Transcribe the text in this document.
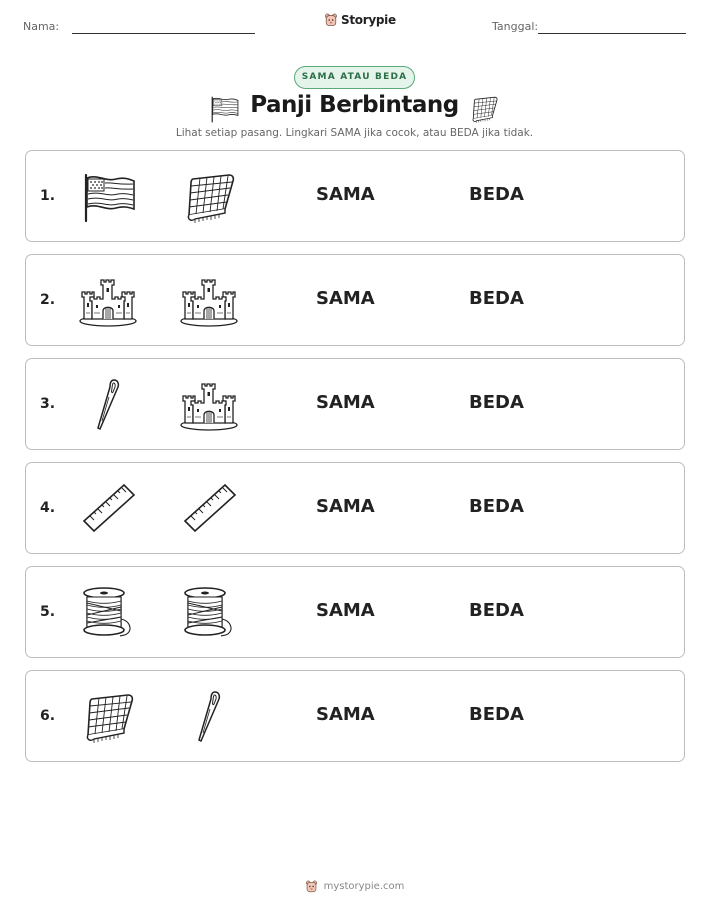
Nama:	Storypie	Tanggal:
SAMA ATAU BEDA
Panji Berbintang
Lihat setiap pasang. Lingkari SAMA jika cocok, atau BEDA jika tidak.
1.	SAMA	BEDA
2.	SAMA	BEDA
3.	SAMA	BEDA
4.	SAMA	BEDA
5.	SAMA	BEDA
6.	SAMA	BEDA
mystorypie.com
